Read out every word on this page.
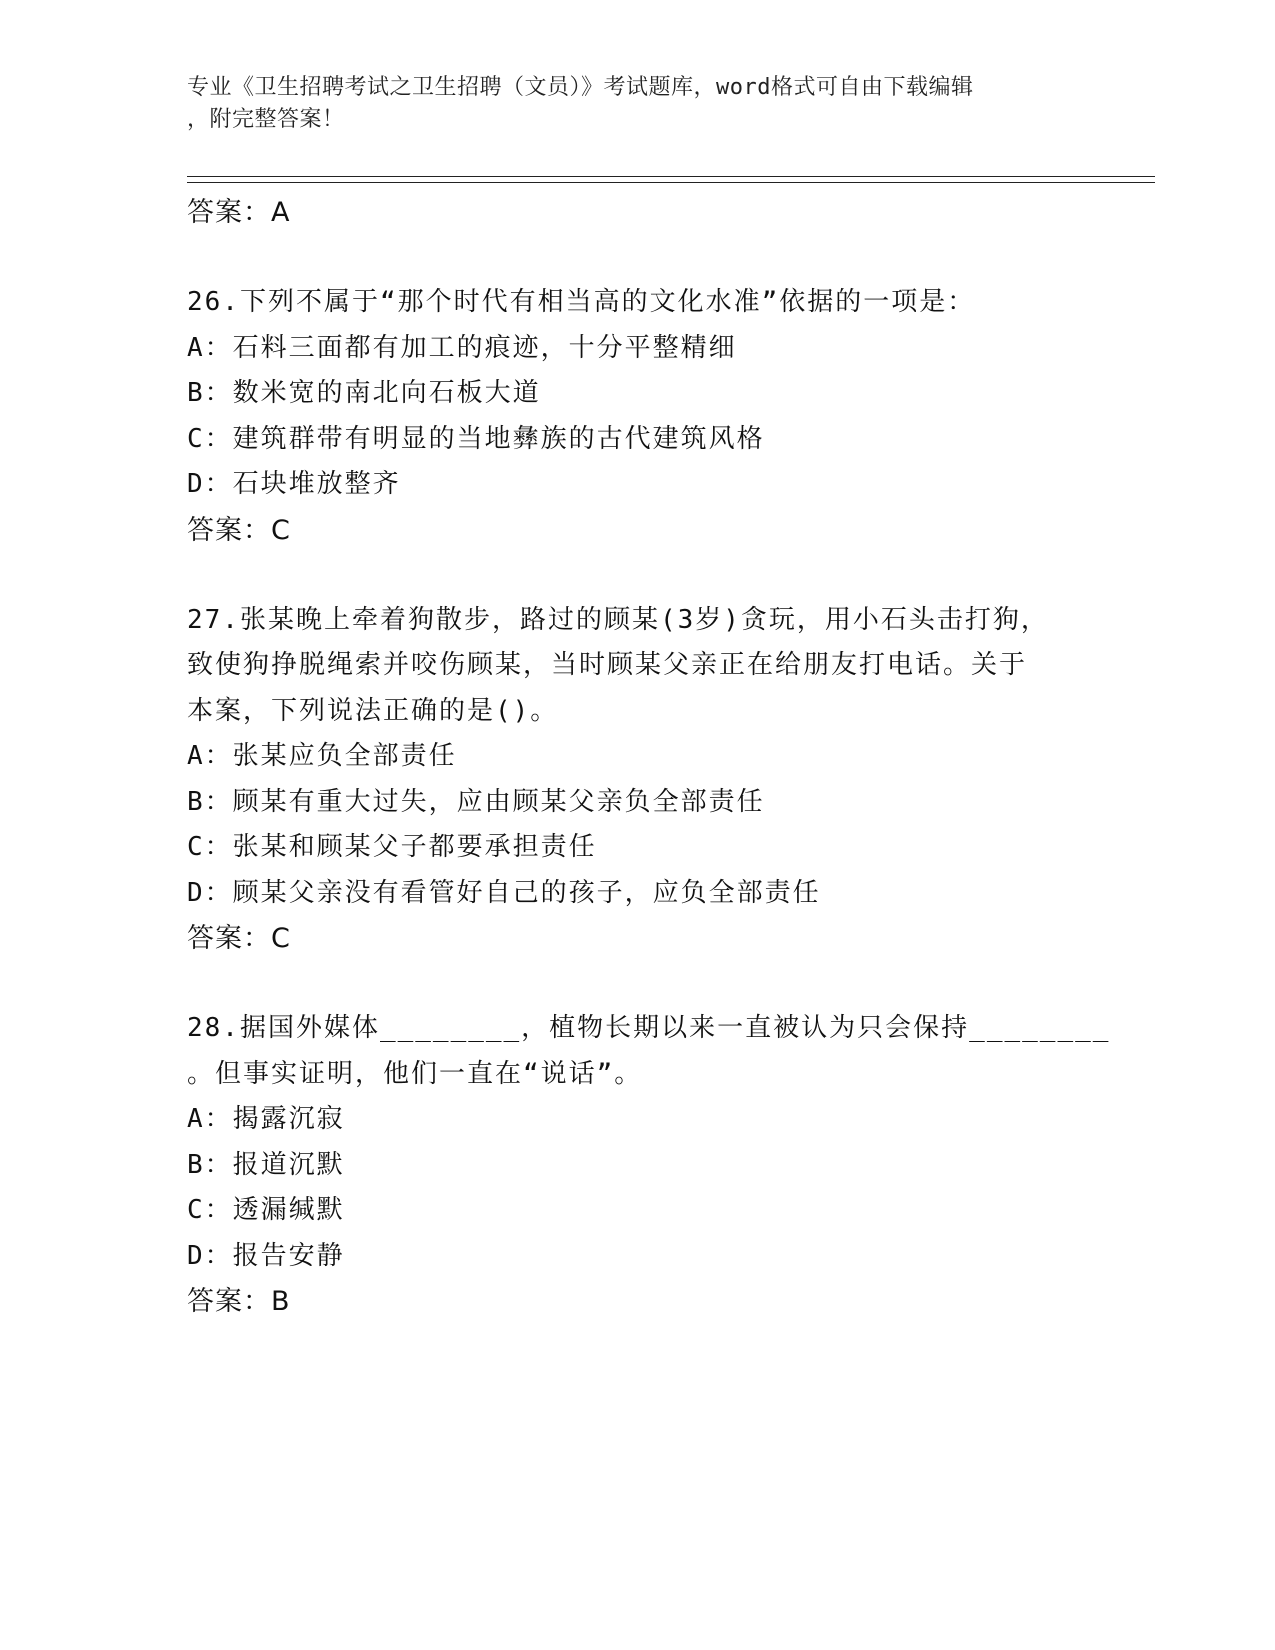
专业《卫生招聘考试之卫生招聘（文员）》考试题库，word格式可自由下载编辑
，附完整答案！
答案：A
26.下列不属于“那个时代有相当高的文化水准”依据的一项是：
A：石料三面都有加工的痕迹，十分平整精细
B：数米宽的南北向石板大道
C：建筑群带有明显的当地彝族的古代建筑风格
D：石块堆放整齐
答案：C
27.张某晚上牵着狗散步，路过的顾某(3岁)贪玩，用小石头击打狗，
致使狗挣脱绳索并咬伤顾某，当时顾某父亲正在给朋友打电话。关于
本案，下列说法正确的是()。
A：张某应负全部责任
B：顾某有重大过失，应由顾某父亲负全部责任
C：张某和顾某父子都要承担责任
D：顾某父亲没有看管好自己的孩子，应负全部责任
答案：C
28.据国外媒体________，植物长期以来一直被认为只会保持________
。但事实证明，他们一直在“说话”。
A：揭露沉寂
B：报道沉默
C：透漏缄默
D：报告安静
答案：B
